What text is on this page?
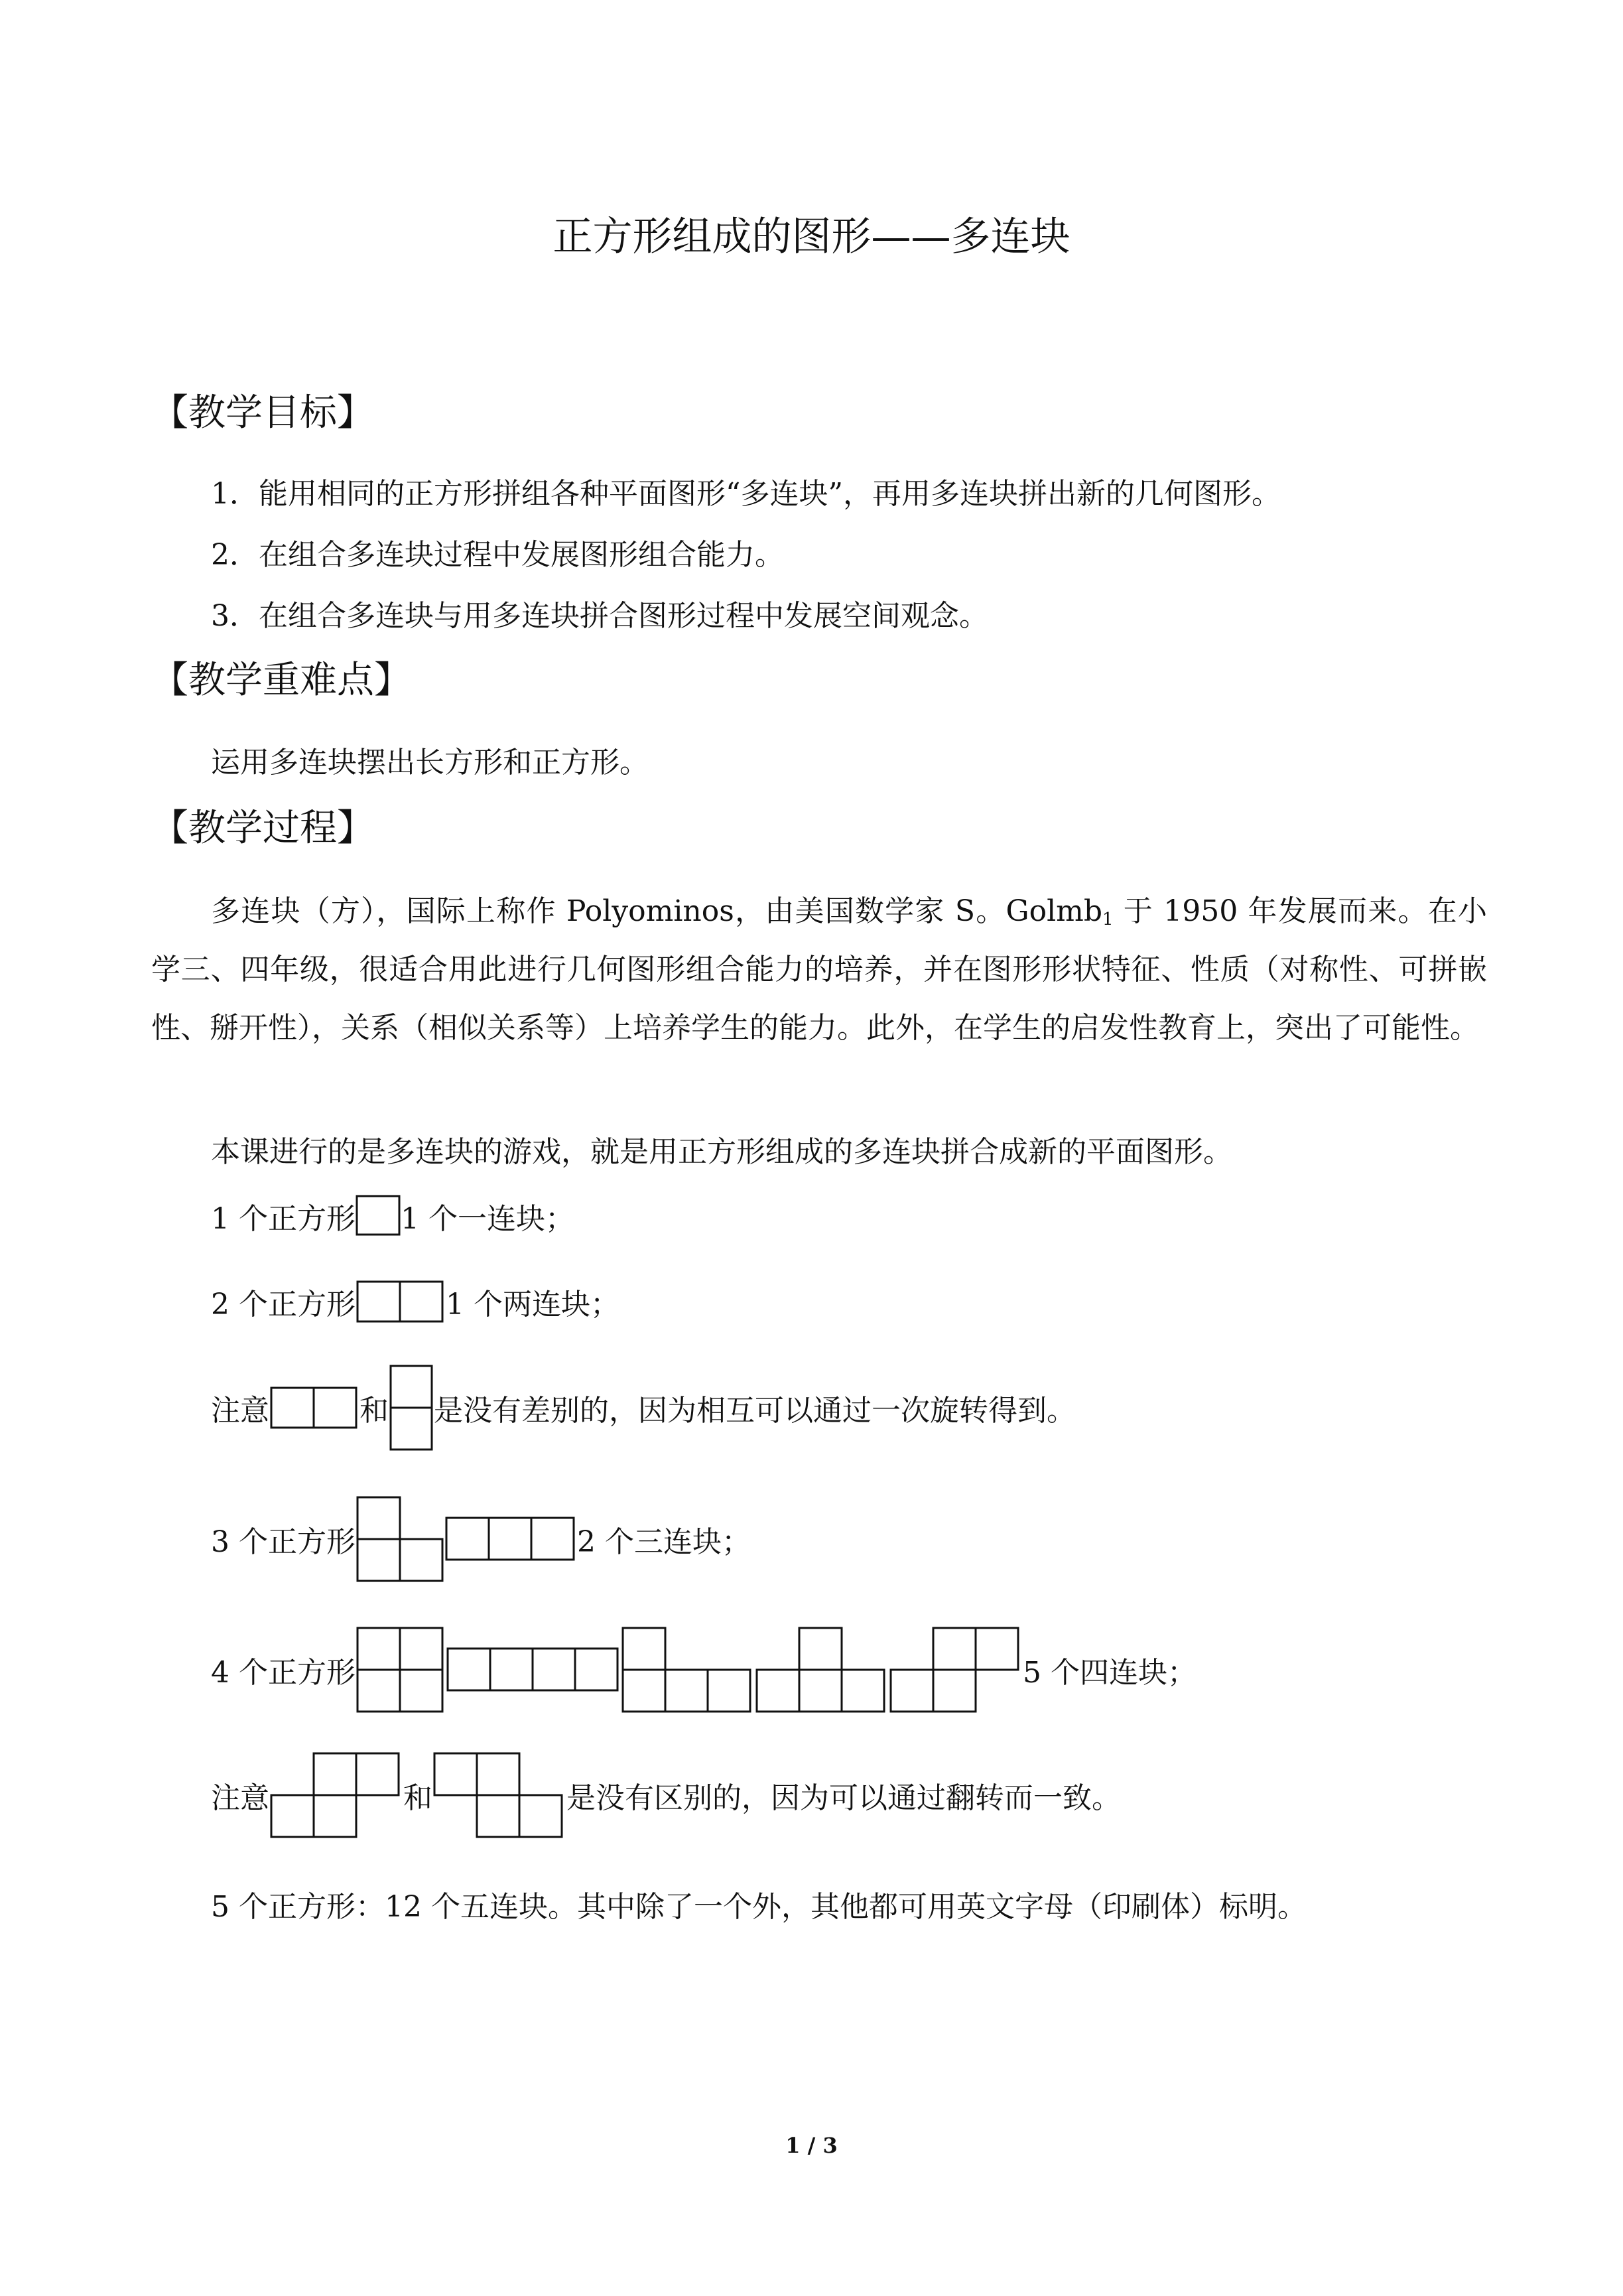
正方形组成的图形——多连块
【教学目标】

1．能用相同的正方形拼组各种平面图形“多连块”，再用多连块拼出新的几何图形。

2．在组合多连块过程中发展图形组合能力。

3．在组合多连块与用多连块拼合图形过程中发展空间观念。

【教学重难点】

运用多连块摆出长方形和正方形。

【教学过程】

多连块（方），国际上称作 Polyominos，由美国数学家 S。Golmb$_1$ 于 1950 年发展而来。在小学三、四年级，很适合用此进行几何图形组合能力的培养，并在图形形状特征、性质（对称性、可拼嵌性、掰开性），关系（相似关系等）上培养学生的能力。此外，在学生的启发性教育上，突出了可能性。

本课进行的是多连块的游戏，就是用正方形组成的多连块拼合成新的平面图形。

1 个正方形 1 个一连块；
2 个正方形	1 个两连块；
注意	和 是没有差别的，因为相互可以通过一次旋转得到。
3 个正方形	2 个三连块；
4 个正方形	5 个四连块；
注意	和	是没有区别的，因为可以通过翻转而一致。

5 个正方形：12 个五连块。其中除了一个外，其他都可用英文字母（印刷体）标明。

1 / 3
